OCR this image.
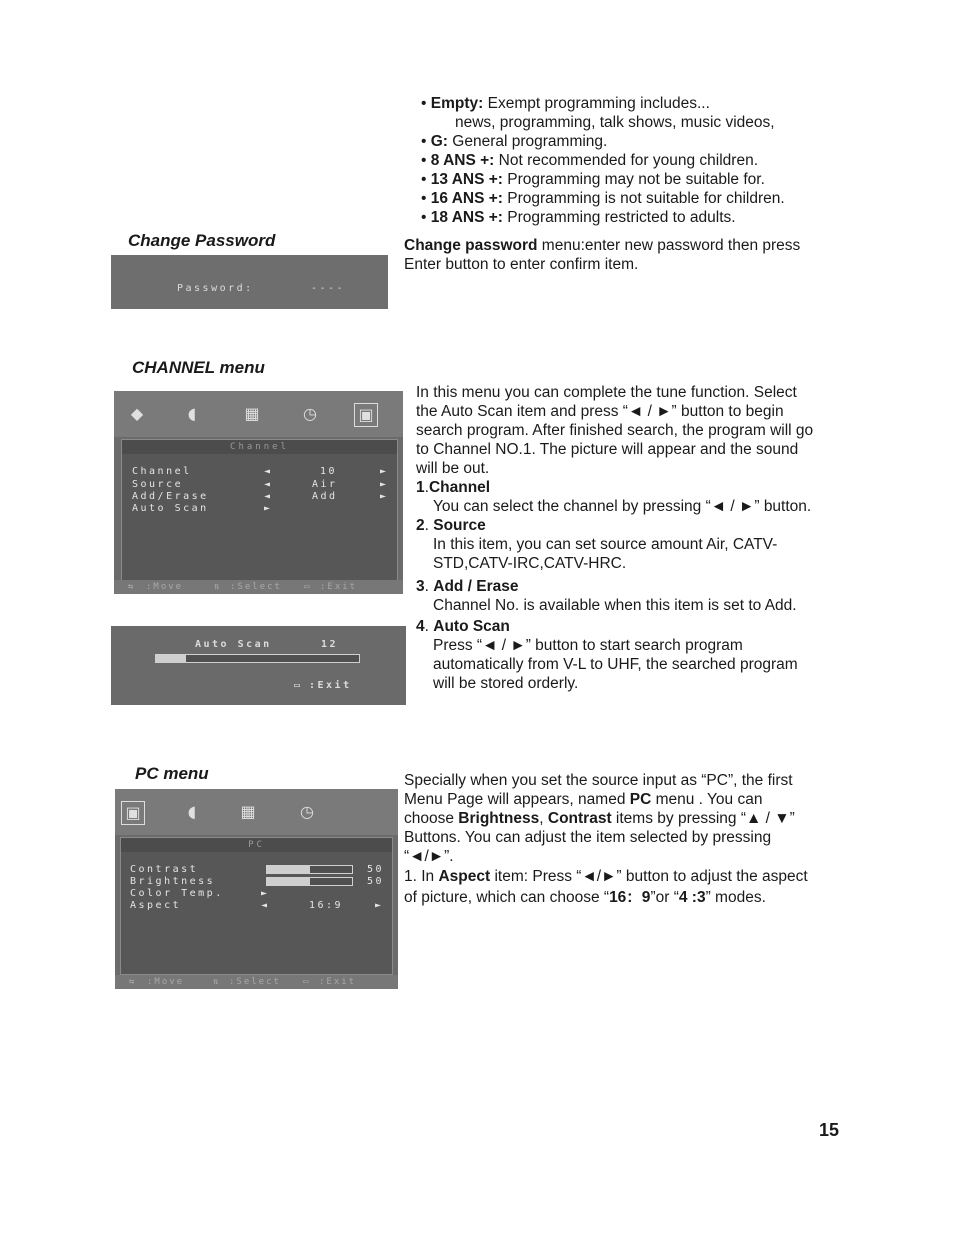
• Empty: Exempt programming includes...
news, programming, talk shows, music videos,
• G: General programming.
• 8 ANS +: Not recommended for young children.
• 13 ANS +: Programming may not be suitable for.
• 16 ANS +: Programming is not suitable for children.
• 18 ANS +: Programming restricted to adults.
Change Password
Password:	----
Change password menu:enter new password then press
Enter button to enter confirm item.
CHANNEL menu
◆	◖	▦	◷	▣
Channel
Channel	◄	10	►
Source	◄	Air	►
Add/Erase	◄	Add	►
Auto Scan	►
⇆ :Move	⇅ :Select ▭ :Exit
Auto Scan	12
▭ :Exit
In this menu you can complete the tune function. Select
the Auto Scan item and press “◄ / ►” button to begin
search program. After finished search, the program will go
to Channel NO.1. The picture will appear and the sound
will be out.
1.Channel
You can select the channel by pressing “◄ / ►” button.
2. Source
In this item, you can set source amount Air, CATV-
STD,CATV-IRC,CATV-HRC.
3. Add / Erase
Channel No. is available when this item is set to Add.
4. Auto Scan
Press “◄ / ►” button to start search program
automatically from V-L to UHF, the searched program
will be stored orderly.
PC menu
▣	◖	▦	◷
PC
Contrast	50
Brightness	50
Color Temp.	►
Aspect	◄	16:9	►
⇆ :Move	⇅ :Select ▭ :Exit
Specially when you set the source input as “PC”, the first
Menu Page will appears, named PC menu . You can
choose Brightness, Contrast items by pressing “▲ / ▼”
Buttons. You can adjust the item selected by pressing
“◄/►”.
1. In Aspect item: Press “◄/►” button to adjust the aspect
of picture, which can choose “16：9”or “4 :3” modes.
15
